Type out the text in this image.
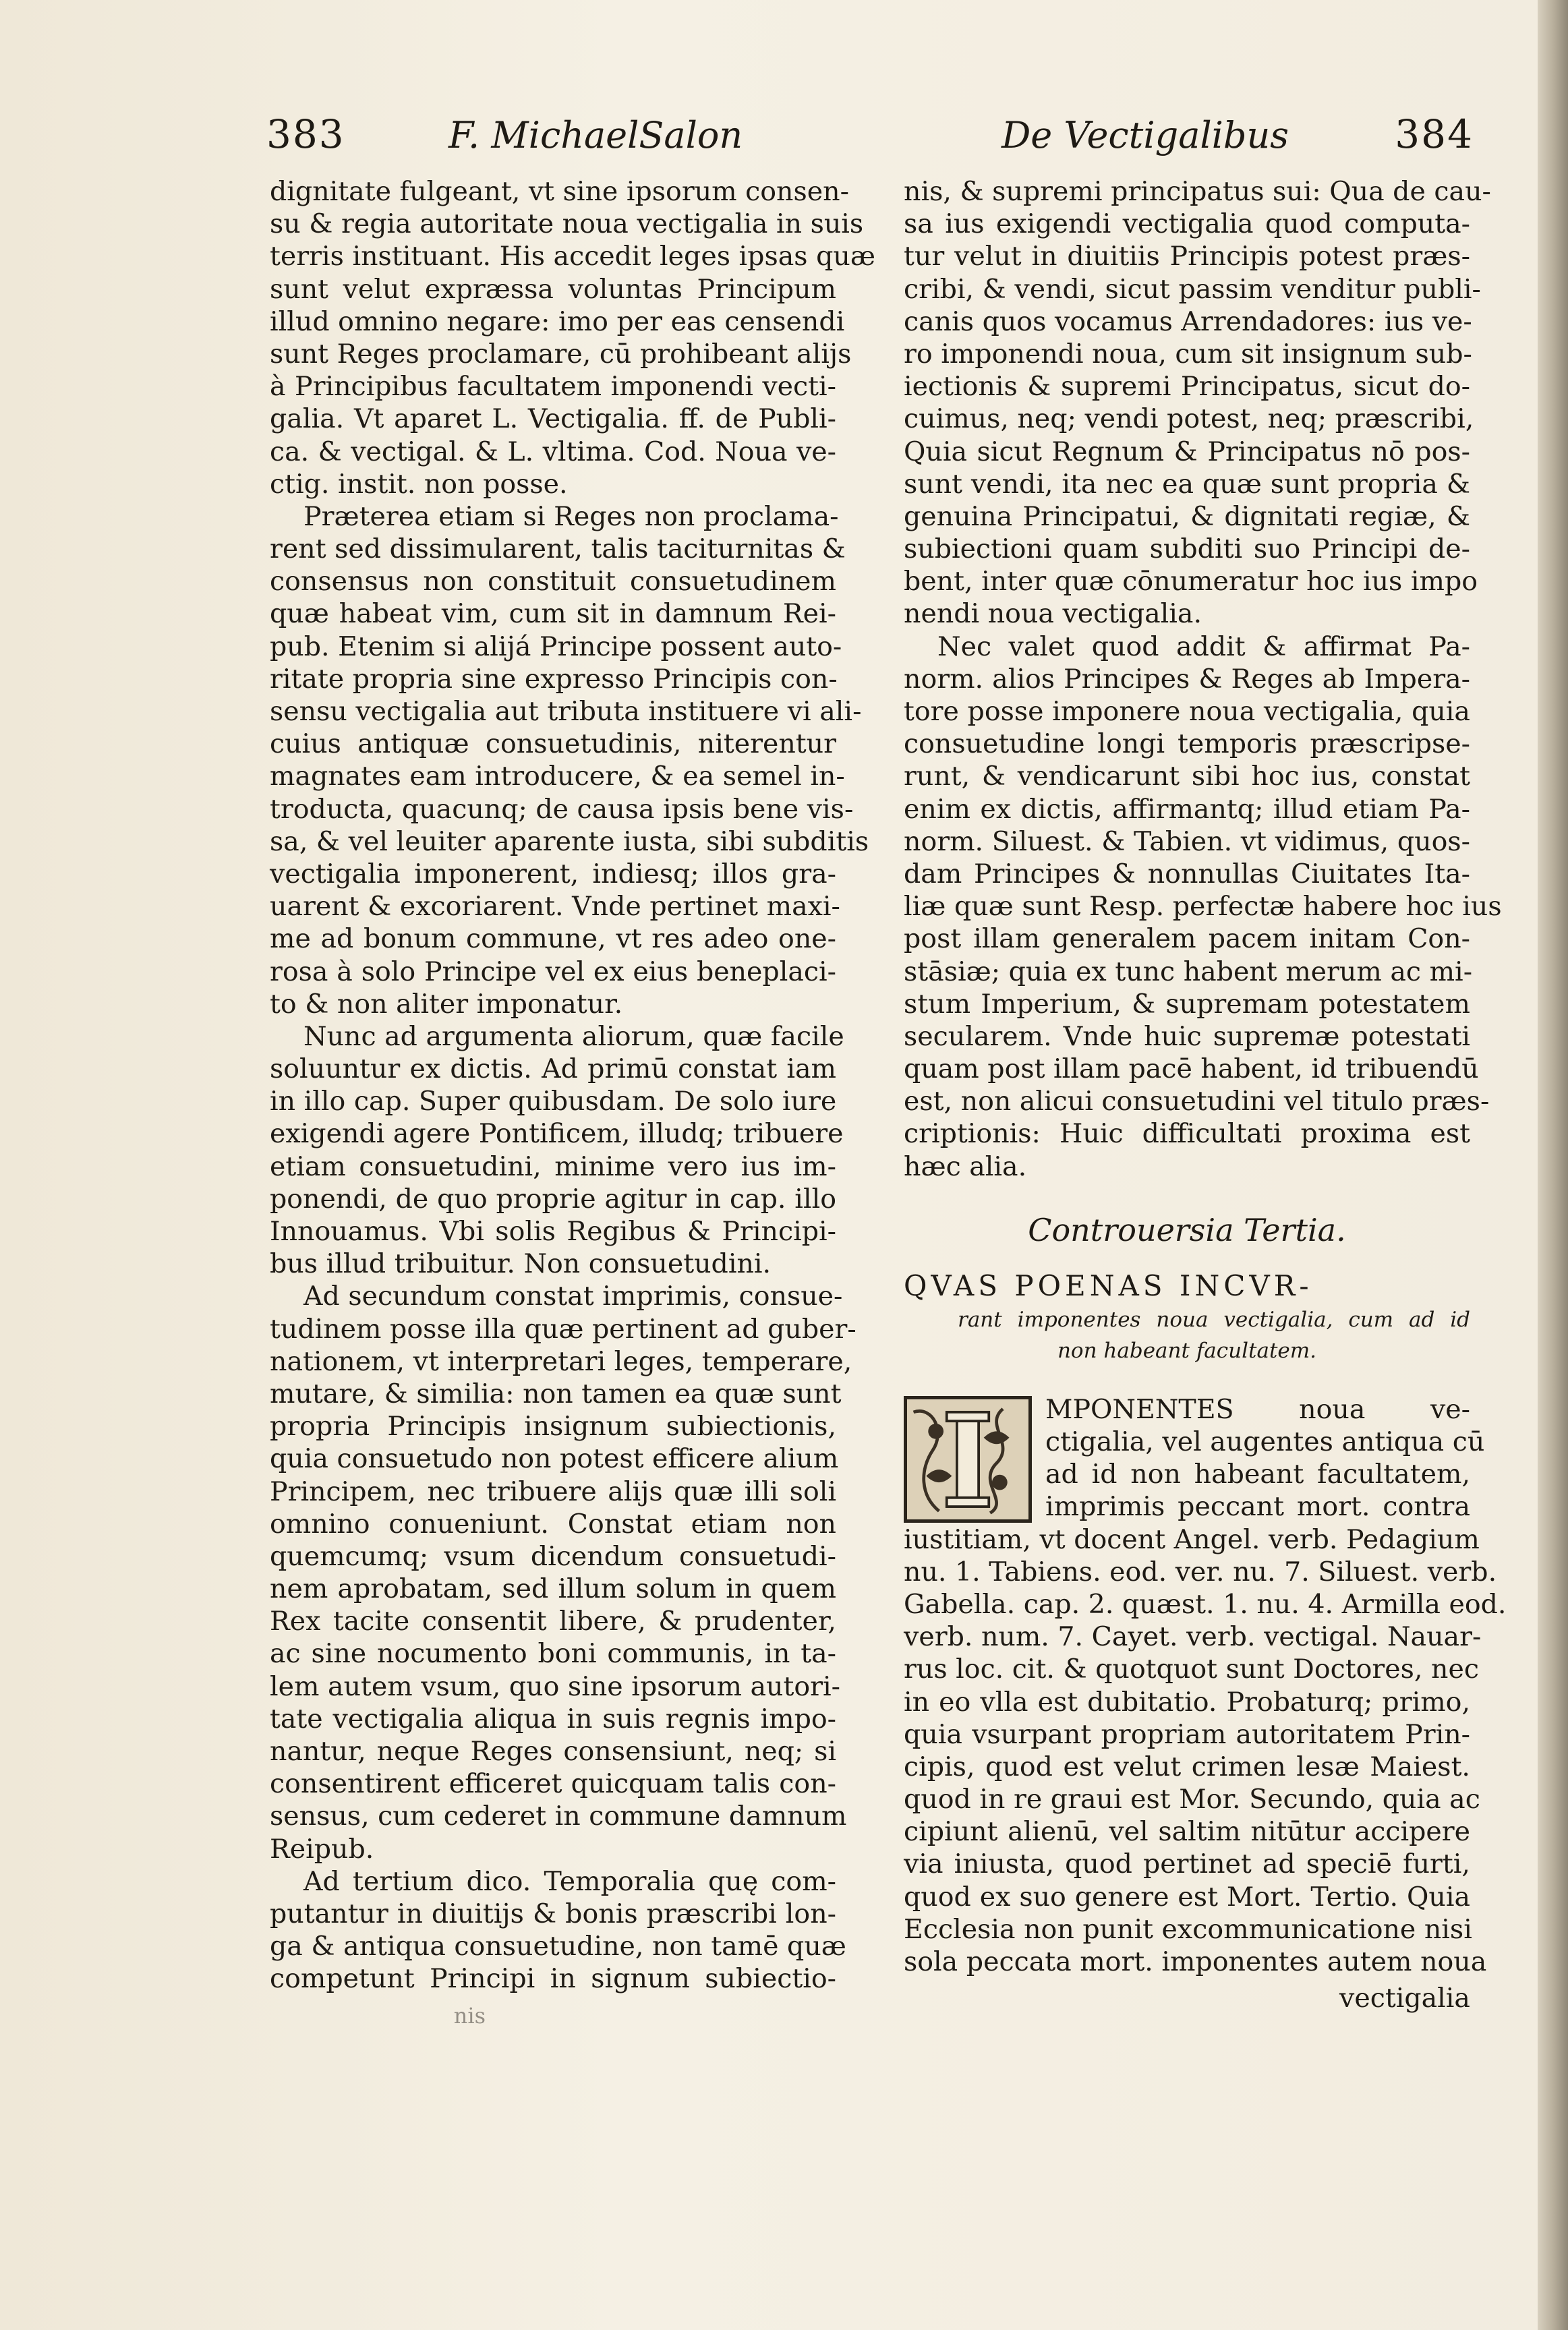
383	F. MichaelSalon	De Vectigalibus	384
dignitate fulgeant, vt sine ipsorum consen-
su & regia autoritate noua vectigalia in suis
terris instituant. His accedit leges ipsas quæ
sunt velut expræssa voluntas Principum
illud omnino negare: imo per eas censendi
sunt Reges proclamare, cū prohibeant alijs
à Principibus facultatem imponendi vecti-
galia. Vt aparet L. Vectigalia. ff. de Publi-
ca. & vectigal. & L. vltima. Cod. Noua ve-
ctig. instit. non posse.
Præterea etiam si Reges non proclama-
rent sed dissimularent, talis taciturnitas &
consensus non constituit consuetudinem
quæ habeat vim, cum sit in damnum Rei-
pub. Etenim si alijá Principe possent auto-
ritate propria sine expresso Principis con-
sensu vectigalia aut tributa instituere vi ali-
cuius antiquæ consuetudinis, niterentur
magnates eam introducere, & ea semel in-
troducta, quacunq; de causa ipsis bene vis-
sa, & vel leuiter aparente iusta, sibi subditis
vectigalia imponerent, indiesq; illos gra-
uarent & excoriarent. Vnde pertinet maxi-
me ad bonum commune, vt res adeo one-
rosa à solo Principe vel ex eius beneplaci-
to & non aliter imponatur.
Nunc ad argumenta aliorum, quæ facile
soluuntur ex dictis. Ad primū constat iam
in illo cap. Super quibusdam. De solo iure
exigendi agere Pontificem, illudq; tribuere
etiam consuetudini, minime vero ius im-
ponendi, de quo proprie agitur in cap. illo
Innouamus. Vbi solis Regibus & Principi-
bus illud tribuitur. Non consuetudini.
Ad secundum constat imprimis, consue-
tudinem posse illa quæ pertinent ad guber-
nationem, vt interpretari leges, temperare,
mutare, & similia: non tamen ea quæ sunt
propria Principis insignum subiectionis,
quia consuetudo non potest efficere alium
Principem, nec tribuere alijs quæ illi soli
omnino conueniunt. Constat etiam non
quemcumq; vsum dicendum consuetudi-
nem aprobatam, sed illum solum in quem
Rex tacite consentit libere, & prudenter,
ac sine nocumento boni communis, in ta-
lem autem vsum, quo sine ipsorum autori-
tate vectigalia aliqua in suis regnis impo-
nantur, neque Reges consensiunt, neq; si
consentirent efficeret quicquam talis con-
sensus, cum cederet in commune damnum
Reipub.
Ad tertium dico. Temporalia quę com-
putantur in diuitijs & bonis præscribi lon-
ga & antiqua consuetudine, non tamē quæ
competunt Principi in signum subiectio-
nis
nis, & supremi principatus sui: Qua de cau-
sa ius exigendi vectigalia quod computa-
tur velut in diuitiis Principis potest præs-
cribi, & vendi, sicut passim venditur publi-
canis quos vocamus Arrendadores: ius ve-
ro imponendi noua, cum sit insignum sub-
iectionis & supremi Principatus, sicut do-
cuimus, neq; vendi potest, neq; præscribi,
Quia sicut Regnum & Principatus nō pos-
sunt vendi, ita nec ea quæ sunt propria &
genuina Principatui, & dignitati regiæ, &
subiectioni quam subditi suo Principi de-
bent, inter quæ cōnumeratur hoc ius impo
nendi noua vectigalia.
Nec valet quod addit & affirmat Pa-
norm. alios Principes & Reges ab Impera-
tore posse imponere noua vectigalia, quia
consuetudine longi temporis præscripse-
runt, & vendicarunt sibi hoc ius, constat
enim ex dictis, affirmantq; illud etiam Pa-
norm. Siluest. & Tabien. vt vidimus, quos-
dam Principes & nonnullas Ciuitates Ita-
liæ quæ sunt Resp. perfectæ habere hoc ius
post illam generalem pacem initam Con-
stāsiæ; quia ex tunc habent merum ac mi-
stum Imperium, & supremam potestatem
secularem. Vnde huic supremæ potestati
quam post illam pacē habent, id tribuendū
est, non alicui consuetudini vel titulo præs-
criptionis: Huic difficultati proxima est
hæc alia.
Controuersia Tertia.
QVAS POENAS INCVR-
rant imponentes noua vectigalia, cum ad id
non habeant facultatem.
MPONENTES noua ve-
ctigalia, vel augentes antiqua cū
ad id non habeant facultatem,
imprimis peccant mort. contra
iustitiam, vt docent Angel. verb. Pedagium
nu. 1. Tabiens. eod. ver. nu. 7. Siluest. verb.
Gabella. cap. 2. quæst. 1. nu. 4. Armilla eod.
verb. num. 7. Cayet. verb. vectigal. Nauar-
rus loc. cit. & quotquot sunt Doctores, nec
in eo vlla est dubitatio. Probaturq; primo,
quia vsurpant propriam autoritatem Prin-
cipis, quod est velut crimen lesæ Maiest.
quod in re graui est Mor. Secundo, quia ac
cipiunt alienū, vel saltim nitūtur accipere
via iniusta, quod pertinet ad speciē furti,
quod ex suo genere est Mort. Tertio. Quia
Ecclesia non punit excommunicatione nisi
sola peccata mort. imponentes autem noua
vectigalia
